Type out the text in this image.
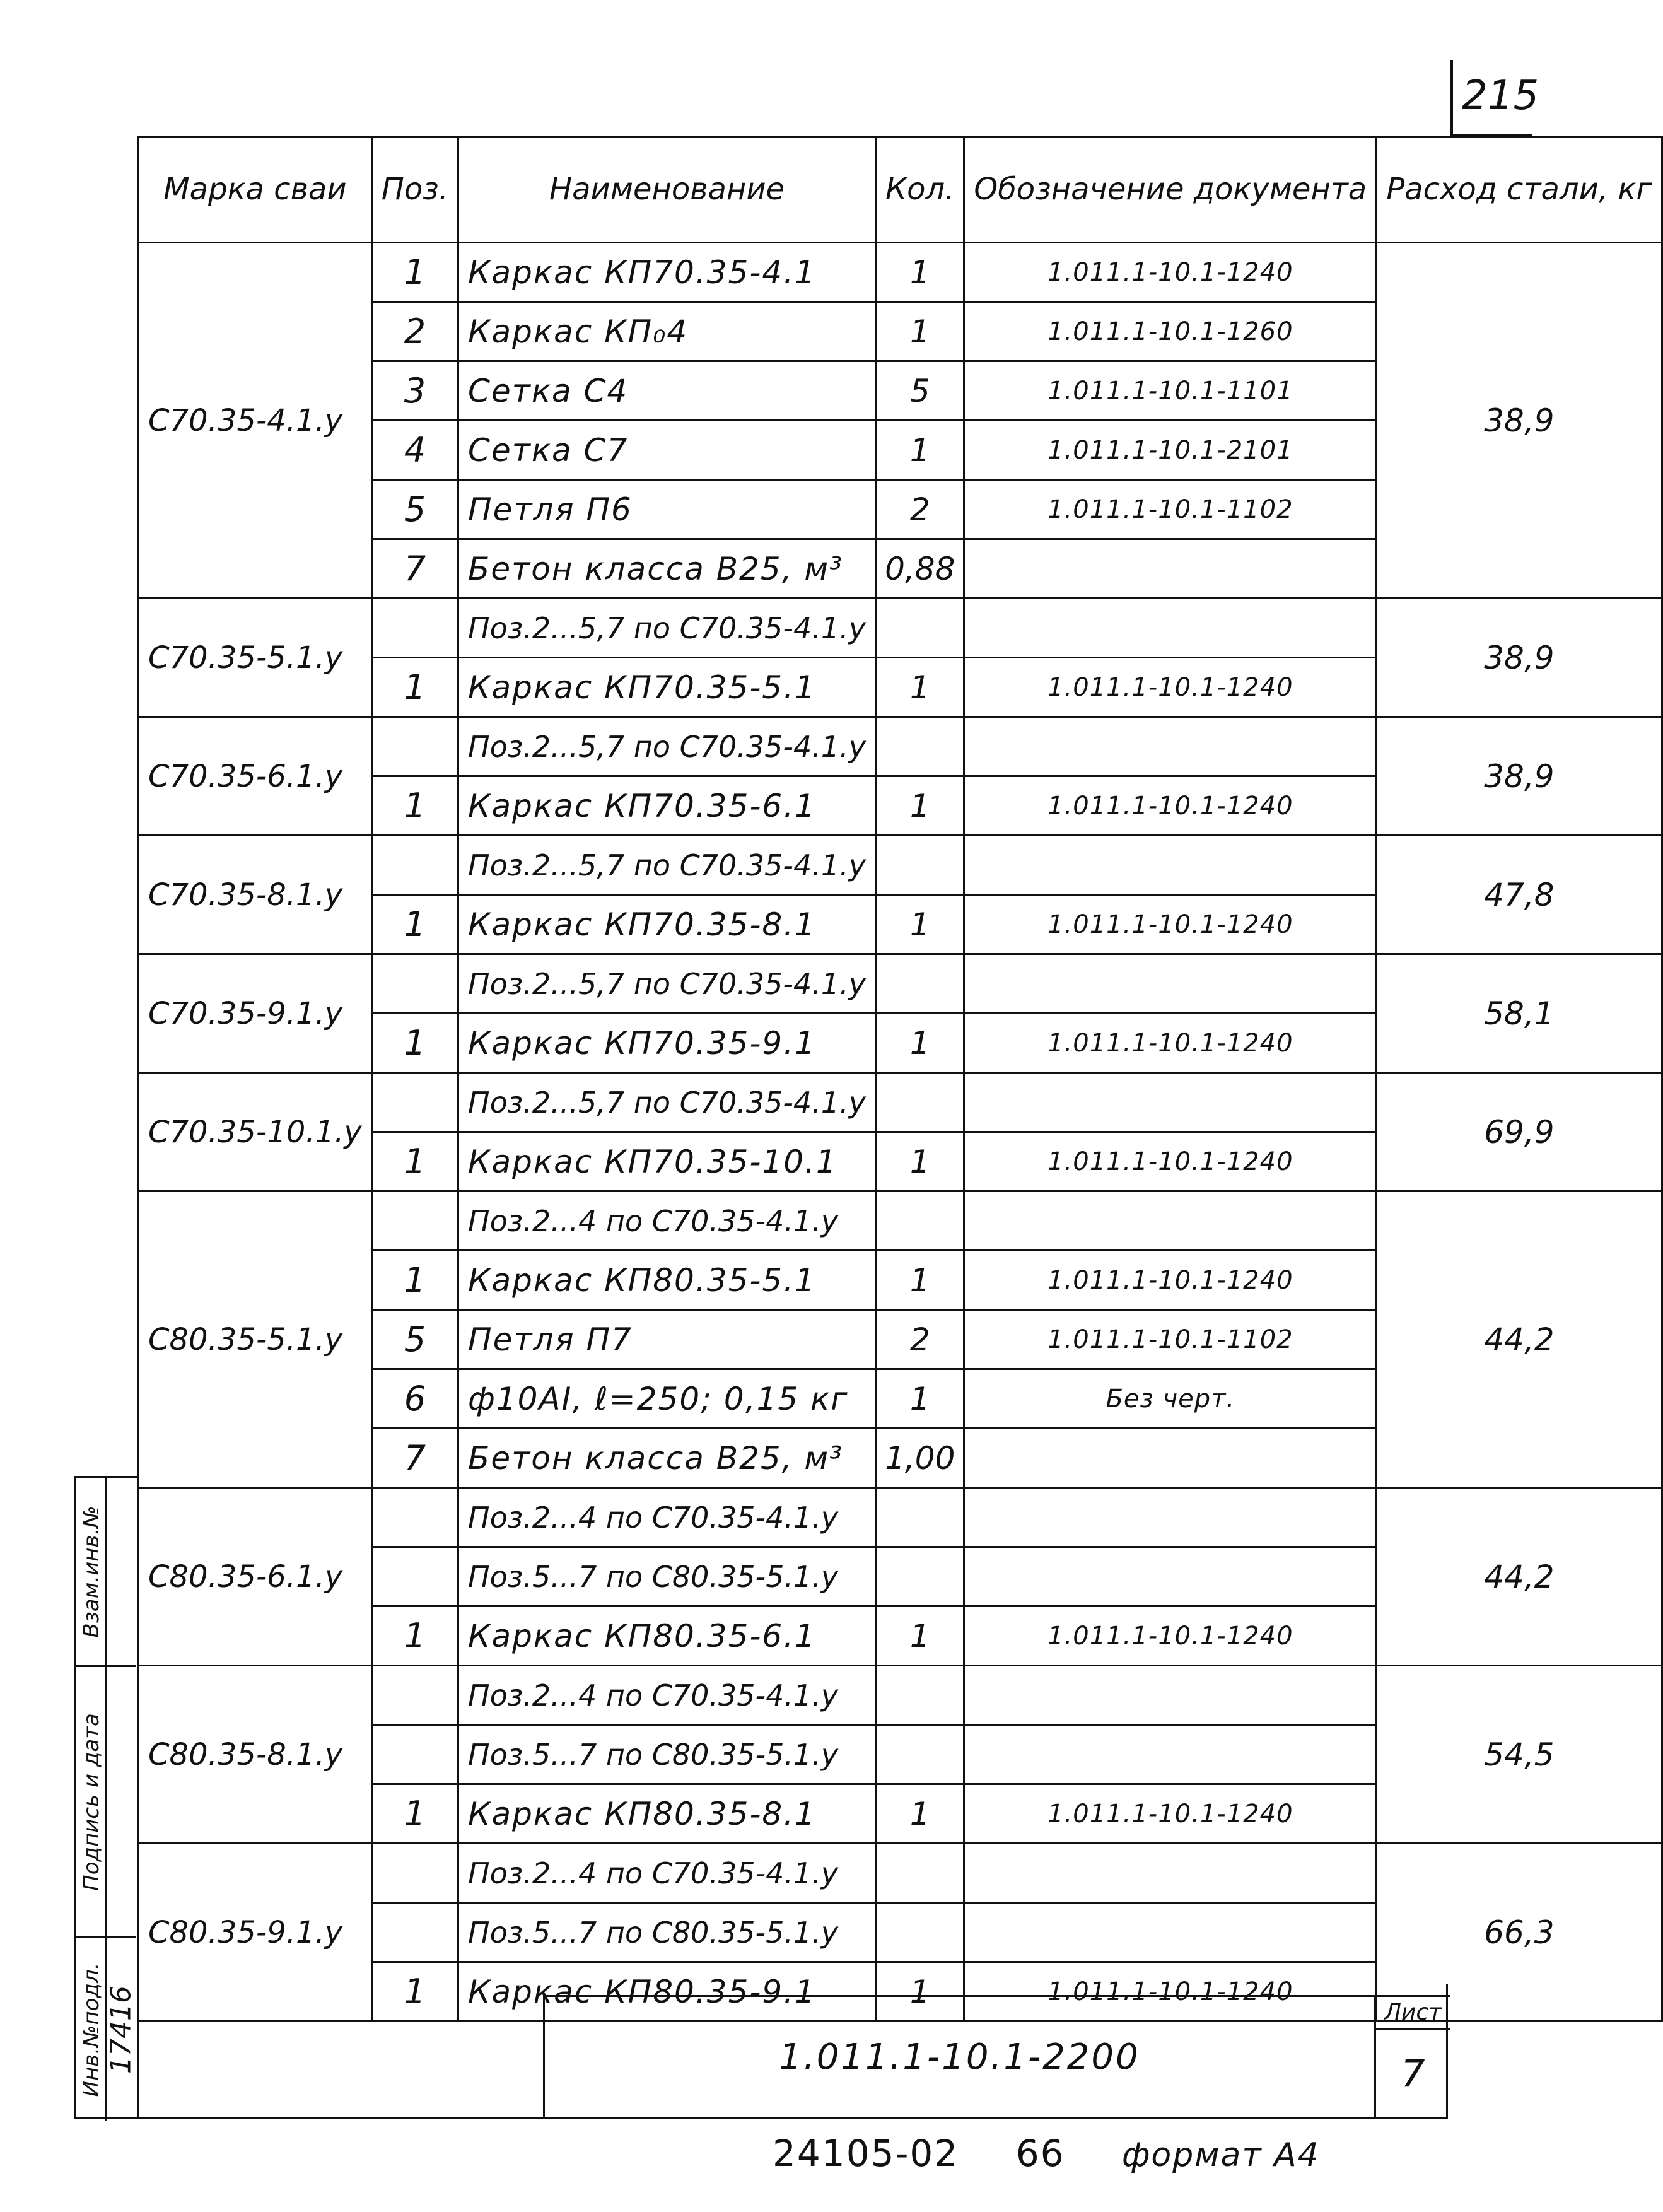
215
Марка сваи	Поз.	Наименование	Кол.	Обозначение документа	Расход стали, кг
С70.35-4.1.у	1	Каркас КП70.35-4.1	1	1.011.1-10.1-1240	38,9
	2	Каркас КП₀4	1	1.011.1-10.1-1260	
	3	Сетка С4	5	1.011.1-10.1-1101	
	4	Сетка С7	1	1.011.1-10.1-2101	
	5	Петля П6	2	1.011.1-10.1-1102	
	7	Бетон класса В25, м³	0,88		
С70.35-5.1.у		Поз.2...5,7 по С70.35-4.1.у			38,9
	1	Каркас КП70.35-5.1	1	1.011.1-10.1-1240	
С70.35-6.1.у		Поз.2...5,7 по С70.35-4.1.у			38,9
	1	Каркас КП70.35-6.1	1	1.011.1-10.1-1240	
С70.35-8.1.у		Поз.2...5,7 по С70.35-4.1.у			47,8
	1	Каркас КП70.35-8.1	1	1.011.1-10.1-1240	
С70.35-9.1.у		Поз.2...5,7 по С70.35-4.1.у			58,1
	1	Каркас КП70.35-9.1	1	1.011.1-10.1-1240	
С70.35-10.1.у		Поз.2...5,7 по С70.35-4.1.у			69,9
	1	Каркас КП70.35-10.1	1	1.011.1-10.1-1240	
С80.35-5.1.у		Поз.2...4 по С70.35-4.1.у			44,2
	1	Каркас КП80.35-5.1	1	1.011.1-10.1-1240	
	5	Петля П7	2	1.011.1-10.1-1102	
	6	ф10АI, ℓ=250; 0,15 кг	1	Без черт.	
	7	Бетон класса В25, м³	1,00		
С80.35-6.1.у		Поз.2...4 по С70.35-4.1.у			44,2
		Поз.5...7 по С80.35-5.1.у			
	1	Каркас КП80.35-6.1	1	1.011.1-10.1-1240	
С80.35-8.1.у		Поз.2...4 по С70.35-4.1.у			54,5
		Поз.5...7 по С80.35-5.1.у			
	1	Каркас КП80.35-8.1	1	1.011.1-10.1-1240	
С80.35-9.1.у		Поз.2...4 по С70.35-4.1.у			66,3
		Поз.5...7 по С80.35-5.1.у			
	1	Каркас КП80.35-9.1	1	1.011.1-10.1-1240	
Взам.инв.№
Подпись и дата
Инв.№подл. 17416	1.011.1-10.1-2200
Лист
7
24105-02 66 формат А4
